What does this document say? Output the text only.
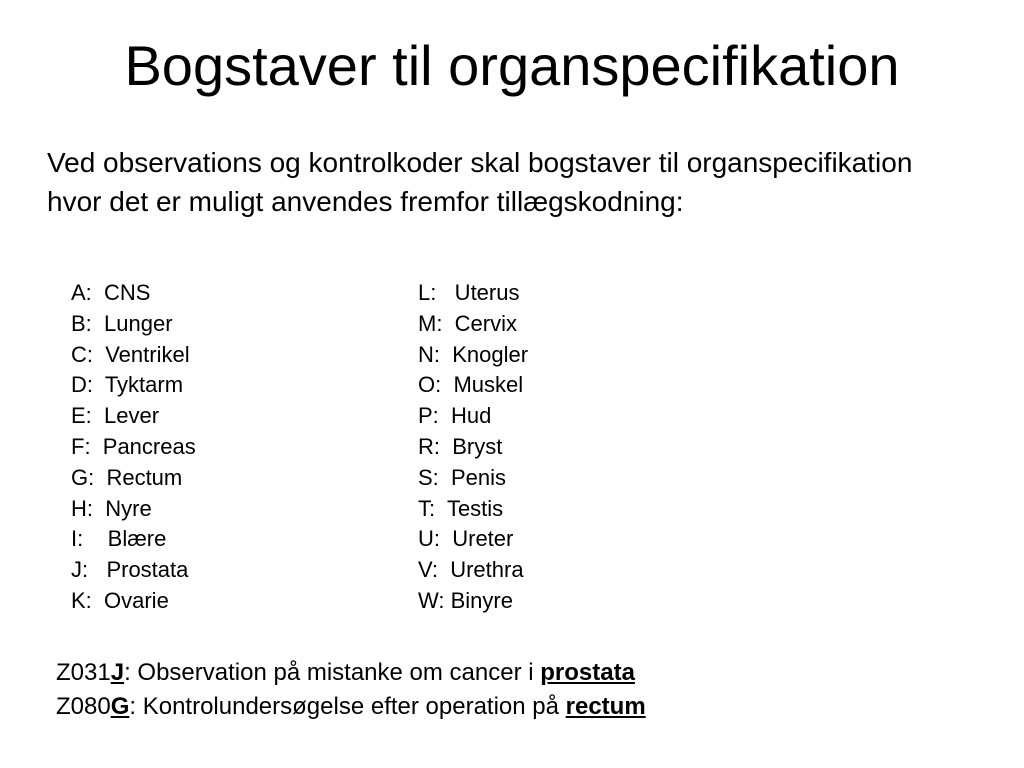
Bogstaver til organspecifikation
Ved observations og kontrolkoder skal bogstaver til organspecifikation hvor det er muligt anvendes fremfor tillægskodning:
A:  CNS
B:  Lunger
C:  Ventrikel
D:  Tyktarm
E:  Lever
F:  Pancreas
G:  Rectum
H:  Nyre
I:    Blære
J:   Prostata
K:  Ovarie
L:   Uterus
M:  Cervix
N:  Knogler
O:  Muskel
P:  Hud
R:  Bryst
S:  Penis
T:  Testis
U:  Ureter
V:  Urethra
W: Binyre
Z031J: Observation på mistanke om cancer i prostata
Z080G: Kontrolundersøgelse efter operation på rectum
